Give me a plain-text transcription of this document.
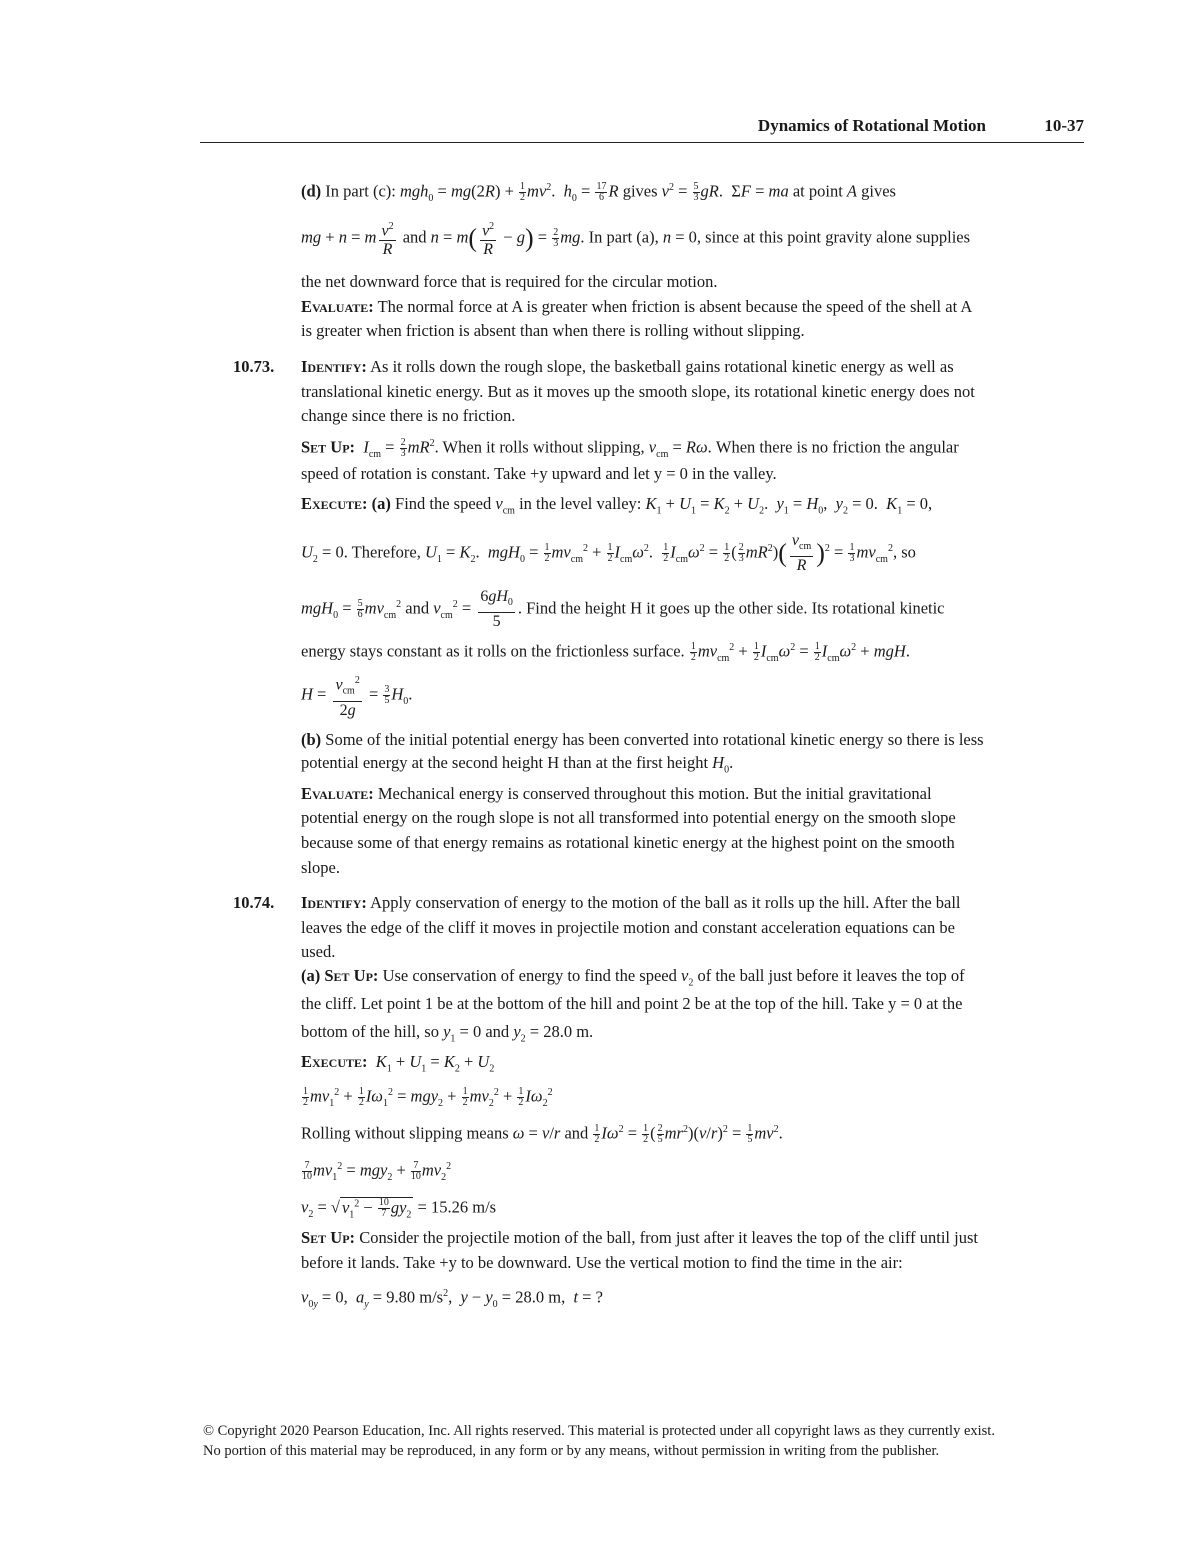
Dynamics of Rotational Motion	10-37
(d) In part (c): $mgh_0 = mg(2R) + \frac{1}{2} mv^2$.  $h_0 = \frac{17}{6}$ R gives $v^2 = \frac{5}{3}$ gR.  ΣF = ma at point A gives
mg + n = m $\frac{v^2}{R}$ and $n = m( \frac{v^2}{R} - g) = \frac{2}{3}$ mg. In part (a), n = 0, since at this point gravity alone supplies
the net downward force that is required for the circular motion.
Evaluate: The normal force at A is greater when friction is absent because the speed of the shell at A
is greater when friction is absent than when there is rolling without slipping.
10.73. Identify: As it rolls down the rough slope, the basketball gains rotational kinetic energy as well as
translational kinetic energy. But as it moves up the smooth slope, its rotational kinetic energy does not
change since there is no friction.
Set Up: $I_{cm} = \frac{2}{3} mR^2$. When it rolls without slipping, $v_{cm} = R\omega$. When there is no friction the angular
speed of rotation is constant. Take +y upward and let y = 0 in the valley.
Execute: (a) Find the speed $v_{cm}$ in the level valley: $K_1 + U_1 = K_2 + U_2$.  $y_1 = H_0$,  $y_2 = 0$.  $K_1 = 0$,
$U_2 = 0$. Therefore, $U_1 = K_2$.  $mgH_0 = \frac{1}{2} mv_{cm}^2 + \frac{1}{2} I_{cm}\omega^2$. $\frac{1}{2} I_{cm}\omega^2 = \frac{1}{2}$ ( $\frac{2}{3} mR^2$)( $v_{cm}$
R )$^2 = \frac{1}{3} mv_{cm}^2$, so
$mgH_0 = \frac{5}{6} mv_{cm}^2$ and $v_{cm}^2 = \frac{6gH_0}{5}$ . Find the height H it goes up the other side. Its rotational kinetic
energy stays constant as it rolls on the frictionless surface. $\frac{1}{2} mv_{cm}^2 + \frac{1}{2} I_{cm}\omega^2 = \frac{1}{2} I_{cm}\omega^2$ + mgH.
$H = v_{cm}^2$
2g
= $\frac{3}{5} H_0$.
(b) Some of the initial potential energy has been converted into rotational kinetic energy so there is less
potential energy at the second height H than at the first height $H_0$.
Evaluate: Mechanical energy is conserved throughout this motion. But the initial gravitational
potential energy on the rough slope is not all transformed into potential energy on the smooth slope
because some of that energy remains as rotational kinetic energy at the highest point on the smooth
slope.
10.74. Identify: Apply conservation of energy to the motion of the ball as it rolls up the hill. After the ball
leaves the edge of the cliff it moves in projectile motion and constant acceleration equations can be
used.
(a) Set Up: Use conservation of energy to find the speed $v_2$ of the ball just before it leaves the top of
the cliff. Let point 1 be at the bottom of the hill and point 2 be at the top of the hill. Take y = 0 at the
bottom of the hill, so $y_1 = 0$ and $y_2 = 28.0$ m.
Execute: $K_1 + U_1 = K_2 + U_2$
$\frac{1}{2} mv_1^2 + \frac{1}{2} I\omega_1^2 = mgy_2 + \frac{1}{2} mv_2^2 + \frac{1}{2} I\omega_2^2$
Rolling without slipping means ω = v/r and $\frac{1}{2} I\omega^2 = \frac{1}{2}$ ( $\frac{2}{5} mr^2)(v/r)^2 = \frac{1}{5} mv^2$.
$\frac{7}{10} mv_1^2 = mgy_2 + \frac{7}{10} mv_2^2$
$v_2$ = √ $v_1^2 - \frac{10}{7} gy_2 = 15.26$ m/s
Set Up: Consider the projectile motion of the ball, from just after it leaves the top of the cliff until just
before it lands. Take +y to be downward. Use the vertical motion to find the time in the air:
$v_{0y} = 0$,  $a_y = 9.80$ $m/s^2$,  $y - y_0 = 28.0$ m,  t = ?
© Copyright 2020 Pearson Education, Inc. All rights reserved. This material is protected under all copyright laws as they currently exist.
No portion of this material may be reproduced, in any form or by any means, without permission in writing from the publisher.
